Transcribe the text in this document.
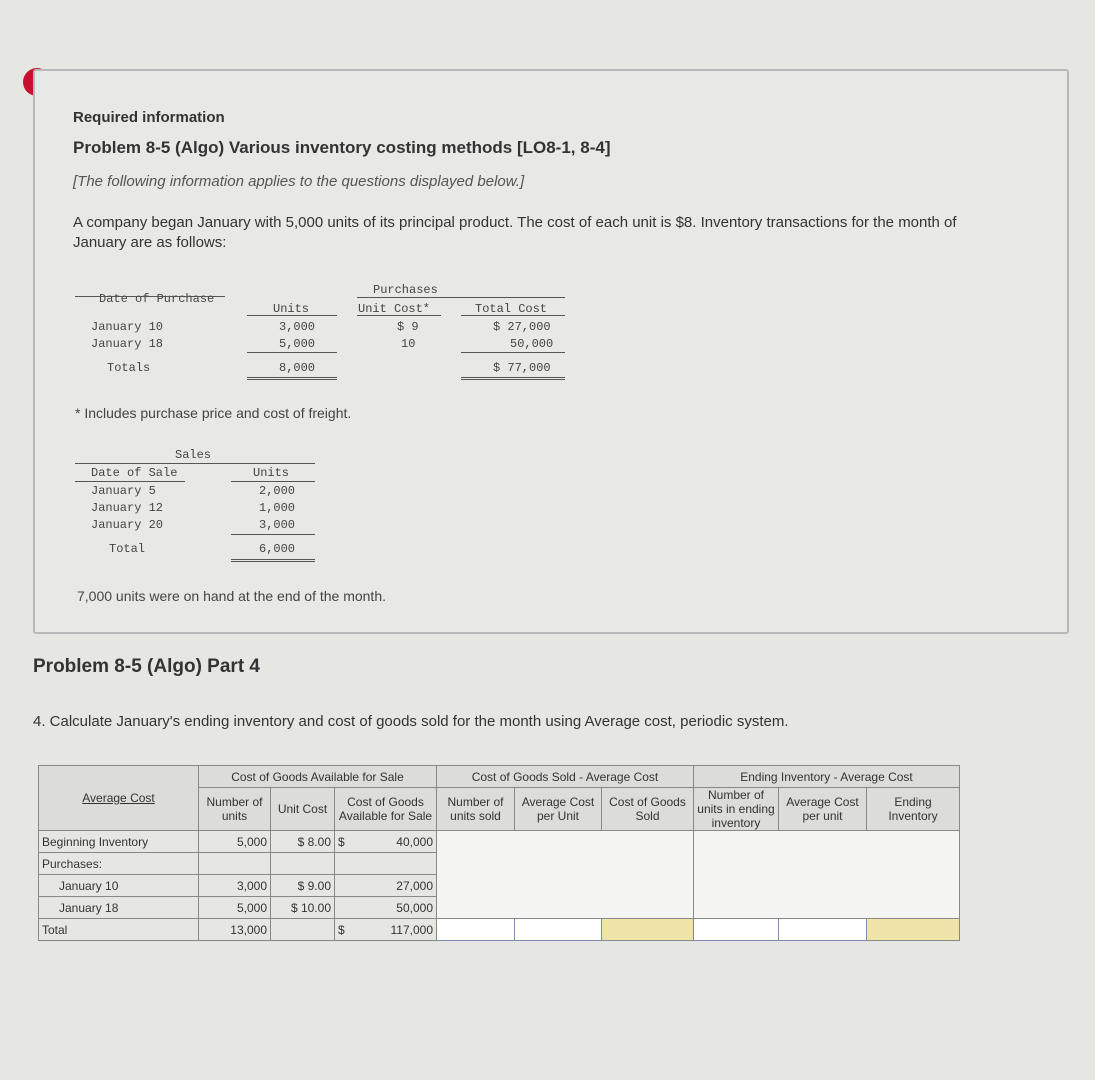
Required information
Problem 8-5 (Algo) Various inventory costing methods [LO8-1, 8-4]
[The following information applies to the questions displayed below.]
A company began January with 5,000 units of its principal product. The cost of each unit is $8. Inventory transactions for the month of January are as follows:
Purchases
Date of Purchase
Units	Unit Cost*	Total Cost
January 10	3,000	$ 9	$ 27,000
January 18	5,000	10	50,000
Totals	8,000	$ 77,000
* Includes purchase price and cost of freight.
Sales
Date of Sale	Units
January 5	2,000
January 12	1,000
January 20	3,000
Total	6,000
7,000 units were on hand at the end of the month.
Problem 8-5 (Algo) Part 4
4. Calculate January's ending inventory and cost of goods sold for the month using Average cost, periodic system.
Average Cost	Cost of Goods Available for Sale			Cost of Goods Sold - Average Cost			Ending Inventory - Average Cost		
	Number of units	Unit Cost	Cost of Goods Available for Sale	Number of units sold	Average Cost per Unit	Cost of Goods Sold	Number of units in ending inventory	Average Cost per unit	Ending Inventory
Beginning Inventory	5,000	$ 8.00	$ 40,000						
Purchases:									
January 10	3,000	$ 9.00	27,000						
January 18	5,000	$ 10.00	50,000						
Total	13,000		$ 117,000						
